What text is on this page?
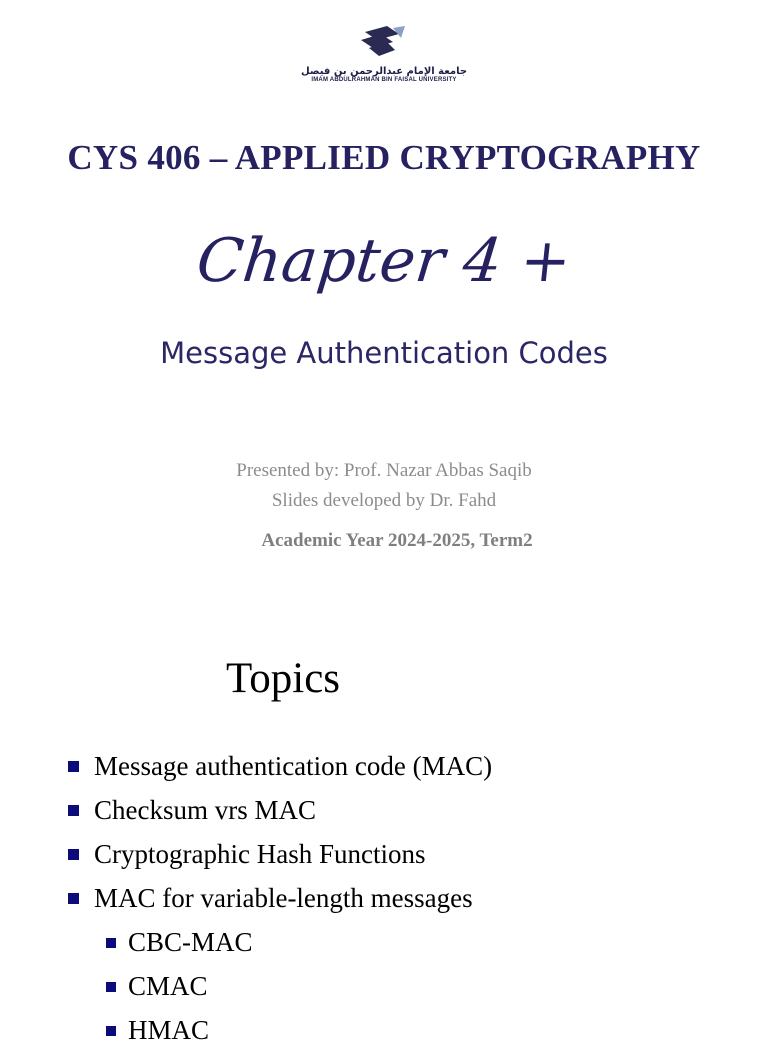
جامعة الإمام عبدالرحمن بن فيصل
IMAM ABDULRAHMAN BIN FAISAL UNIVERSITY
CYS 406 – APPLIED CRYPTOGRAPHY
Chapter 4 +
Message Authentication Codes
Presented by: Prof. Nazar Abbas Saqib
Slides developed by Dr. Fahd
Academic Year 2024-2025, Term2
Topics
Message authentication code (MAC)
Checksum vrs MAC
Cryptographic Hash Functions
MAC for variable-length messages
CBC-MAC
CMAC
HMAC
